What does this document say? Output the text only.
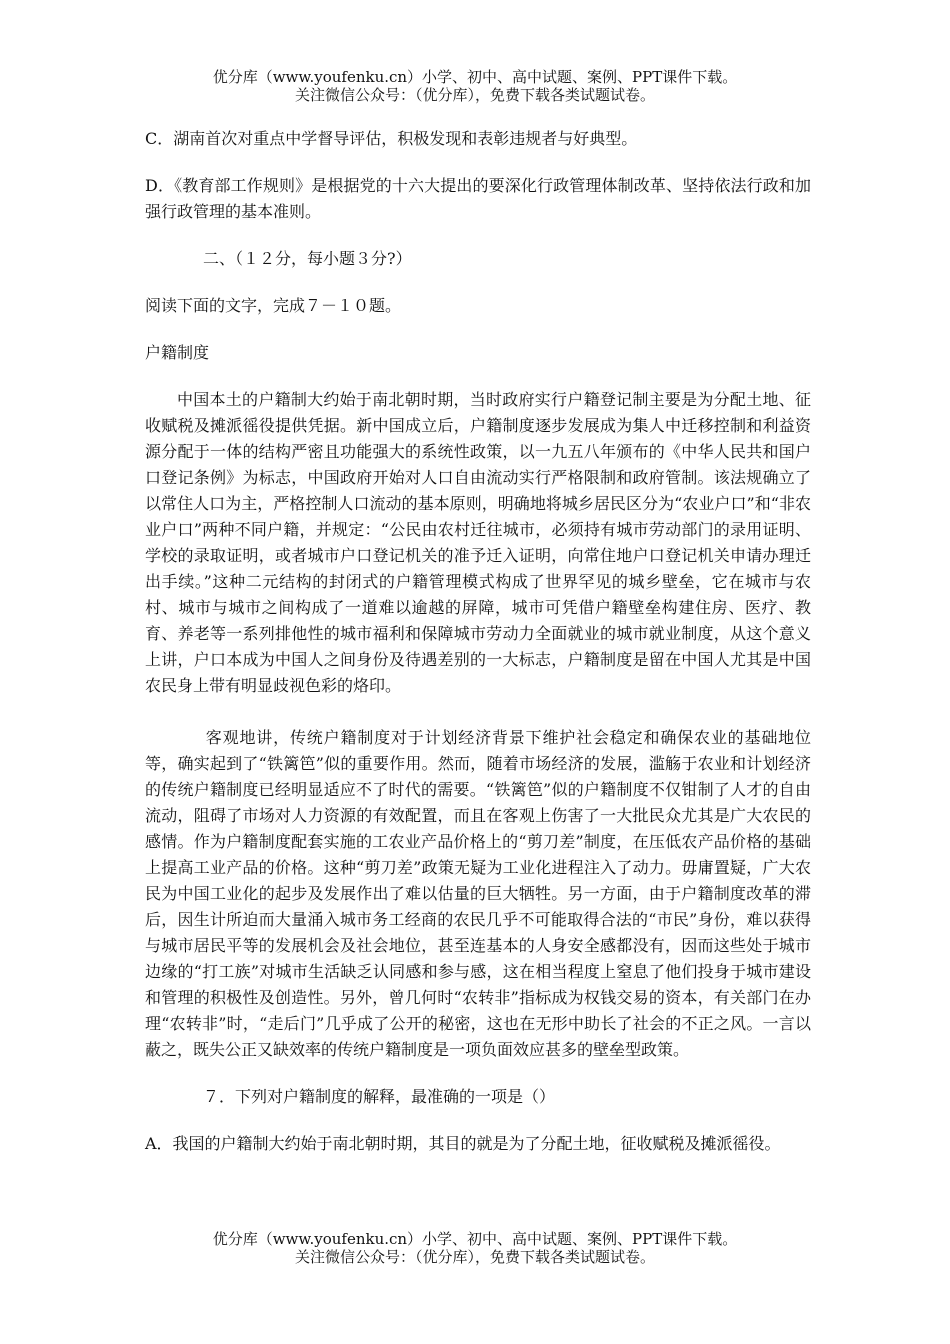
优分库（www.youfenku.cn）小学、初中、高中试题、案例、PPT课件下载。
关注微信公众号：（优分库），免费下载各类试题试卷。

C．湖南首次对重点中学督导评估，积极发现和表彰违规者与好典型。

D．《教育部工作规则》是根据党的十六大提出的要深化行政管理体制改革、坚持依法行政和加强行政管理的基本准则。

二、（１２分，每小题３分?）

阅读下面的文字，完成７－１０题。

户籍制度

中国本土的户籍制大约始于南北朝时期，当时政府实行户籍登记制主要是为分配土地、征收赋税及摊派徭役提供凭据。新中国成立后，户籍制度逐步发展成为集人中迁移控制和利益资源分配于一体的结构严密且功能强大的系统性政策，以一九五八年颁布的《中华人民共和国户口登记条例》为标志，中国政府开始对人口自由流动实行严格限制和政府管制。该法规确立了以常住人口为主，严格控制人口流动的基本原则，明确地将城乡居民区分为“农业户口”和“非农业户口”两种不同户籍，并规定：“公民由农村迁往城市，必须持有城市劳动部门的录用证明、学校的录取证明，或者城市户口登记机关的准予迁入证明，向常住地户口登记机关申请办理迁出手续。”这种二元结构的封闭式的户籍管理模式构成了世界罕见的城乡壁垒，它在城市与农村、城市与城市之间构成了一道难以逾越的屏障，城市可凭借户籍壁垒构建住房、医疗、教育、养老等一系列排他性的城市福利和保障城市劳动力全面就业的城市就业制度，从这个意义上讲，户口本成为中国人之间身份及待遇差别的一大标志，户籍制度是留在中国人尤其是中国农民身上带有明显歧视色彩的烙印。

客观地讲，传统户籍制度对于计划经济背景下维护社会稳定和确保农业的基础地位等，确实起到了“铁篱笆”似的重要作用。然而，随着市场经济的发展，滥觞于农业和计划经济的传统户籍制度已经明显适应不了时代的需要。“铁篱笆”似的户籍制度不仅钳制了人才的自由流动，阻碍了市场对人力资源的有效配置，而且在客观上伤害了一大批民众尤其是广大农民的感情。作为户籍制度配套实施的工农业产品价格上的“剪刀差”制度，在压低农产品价格的基础上提高工业产品的价格。这种“剪刀差”政策无疑为工业化进程注入了动力。毋庸置疑，广大农民为中国工业化的起步及发展作出了难以估量的巨大牺牲。另一方面，由于户籍制度改革的滞后，因生计所迫而大量涌入城市务工经商的农民几乎不可能取得合法的“市民”身份，难以获得与城市居民平等的发展机会及社会地位，甚至连基本的人身安全感都没有，因而这些处于城市边缘的“打工族”对城市生活缺乏认同感和参与感，这在相当程度上窒息了他们投身于城市建设和管理的积极性及创造性。另外，曾几何时“农转非”指标成为权钱交易的资本，有关部门在办理“农转非”时，“走后门”几乎成了公开的秘密，这也在无形中助长了社会的不正之风。一言以蔽之，既失公正又缺效率的传统户籍制度是一项负面效应甚多的壁垒型政策。

７．下列对户籍制度的解释，最准确的一项是（）

A．我国的户籍制大约始于南北朝时期，其目的就是为了分配土地，征收赋税及摊派徭役。

优分库（www.youfenku.cn）小学、初中、高中试题、案例、PPT课件下载。
关注微信公众号：（优分库），免费下载各类试题试卷。
